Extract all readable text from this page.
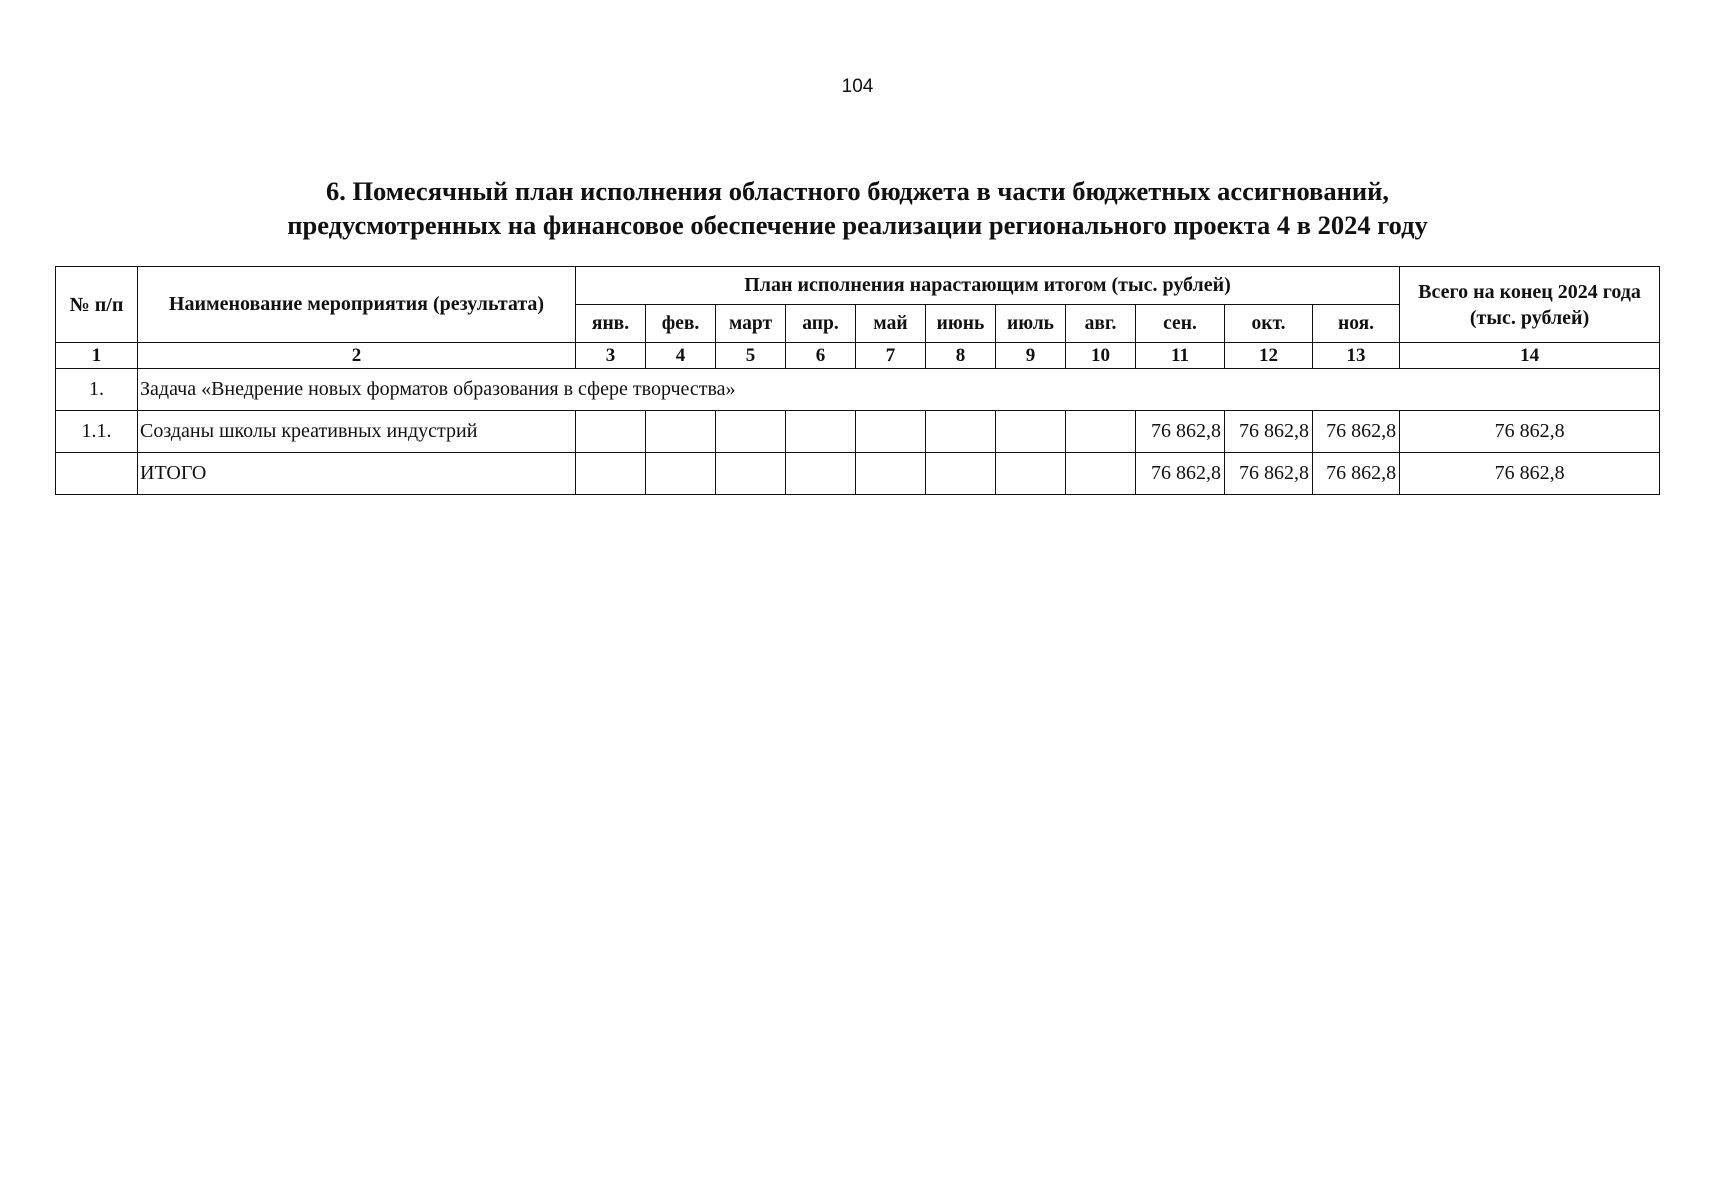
104
6. Помесячный план исполнения областного бюджета в части бюджетных ассигнований,
предусмотренных на финансовое обеспечение реализации регионального проекта 4 в 2024 году
№ п/п	Наименование мероприятия (результата)	План исполнения нарастающим итогом (тыс. рублей)											Всего на конец 2024 года (тыс. рублей)
		янв.	фев.	март	апр.	май	июнь	июль	авг.	сен.	окт.	ноя.	
1	2	3	4	5	6	7	8	9	10	11	12	13	14
1.	Задача «Внедрение новых форматов образования в сфере творчества»												
1.1.	Созданы школы креативных индустрий									76 862,8	76 862,8	76 862,8	76 862,8
	ИТОГО									76 862,8	76 862,8	76 862,8	76 862,8
